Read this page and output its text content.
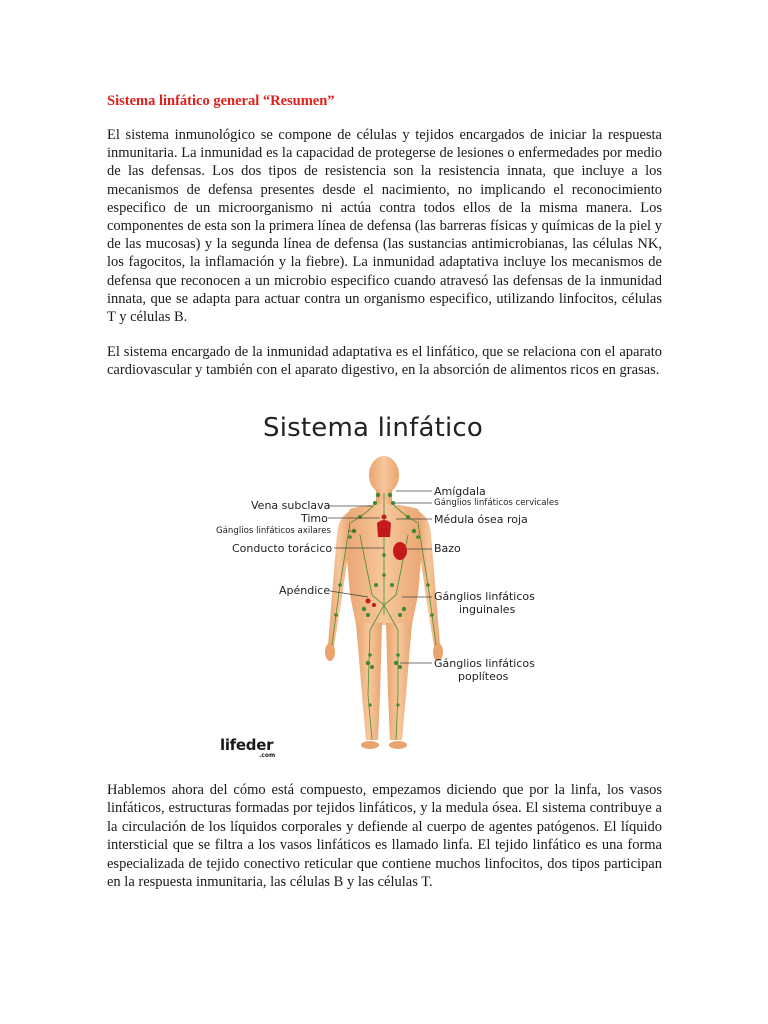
Sistema linfático general “Resumen”

El sistema inmunológico se compone de células y tejidos encargados de iniciar la respuesta inmunitaria. La inmunidad es la capacidad de protegerse de lesiones o enfermedades por medio de las defensas. Los dos tipos de resistencia son la resistencia innata, que incluye a los mecanismos de defensa presentes desde el nacimiento, no implicando el reconocimiento especifico de un microorganismo ni actúa contra todos ellos de la misma manera. Los componentes de esta son la primera línea de defensa (las barreras físicas y químicas de la piel y de las mucosas) y la segunda línea de defensa (las sustancias antimicrobianas, las células NK, los fagocitos, la inflamación y la fiebre). La inmunidad adaptativa incluye los mecanismos de defensa que reconocen a un microbio especifico cuando atravesó las defensas de la inmunidad innata, que se adapta para actuar contra un organismo especifico, utilizando linfocitos, células T y células B.

El sistema encargado de la inmunidad adaptativa es el linfático, que se relaciona con el aparato cardiovascular y también con el aparato digestivo, en la absorción de alimentos ricos en grasas.

Sistema linfático
Vena subclava
Timo
Gánglios linfáticos axilares
Conducto torácico
Apéndice
Amígdala
Gánglios linfáticos cervicales
Médula ósea roja
Bazo
Gánglios linfáticos
inguinales
Gánglios linfáticos
poplíteos
lifeder
.com

Hablemos ahora del cómo está compuesto, empezamos diciendo que por la linfa, los vasos linfáticos, estructuras formadas por tejidos linfáticos, y la medula ósea. El sistema contribuye a la circulación de los líquidos corporales y defiende al cuerpo de agentes patógenos. El líquido intersticial que se filtra a los vasos linfáticos es llamado linfa. El tejido linfático es una forma especializada de tejido conectivo reticular que contiene muchos linfocitos, dos tipos participan en la respuesta inmunitaria, las células B y las células T.
